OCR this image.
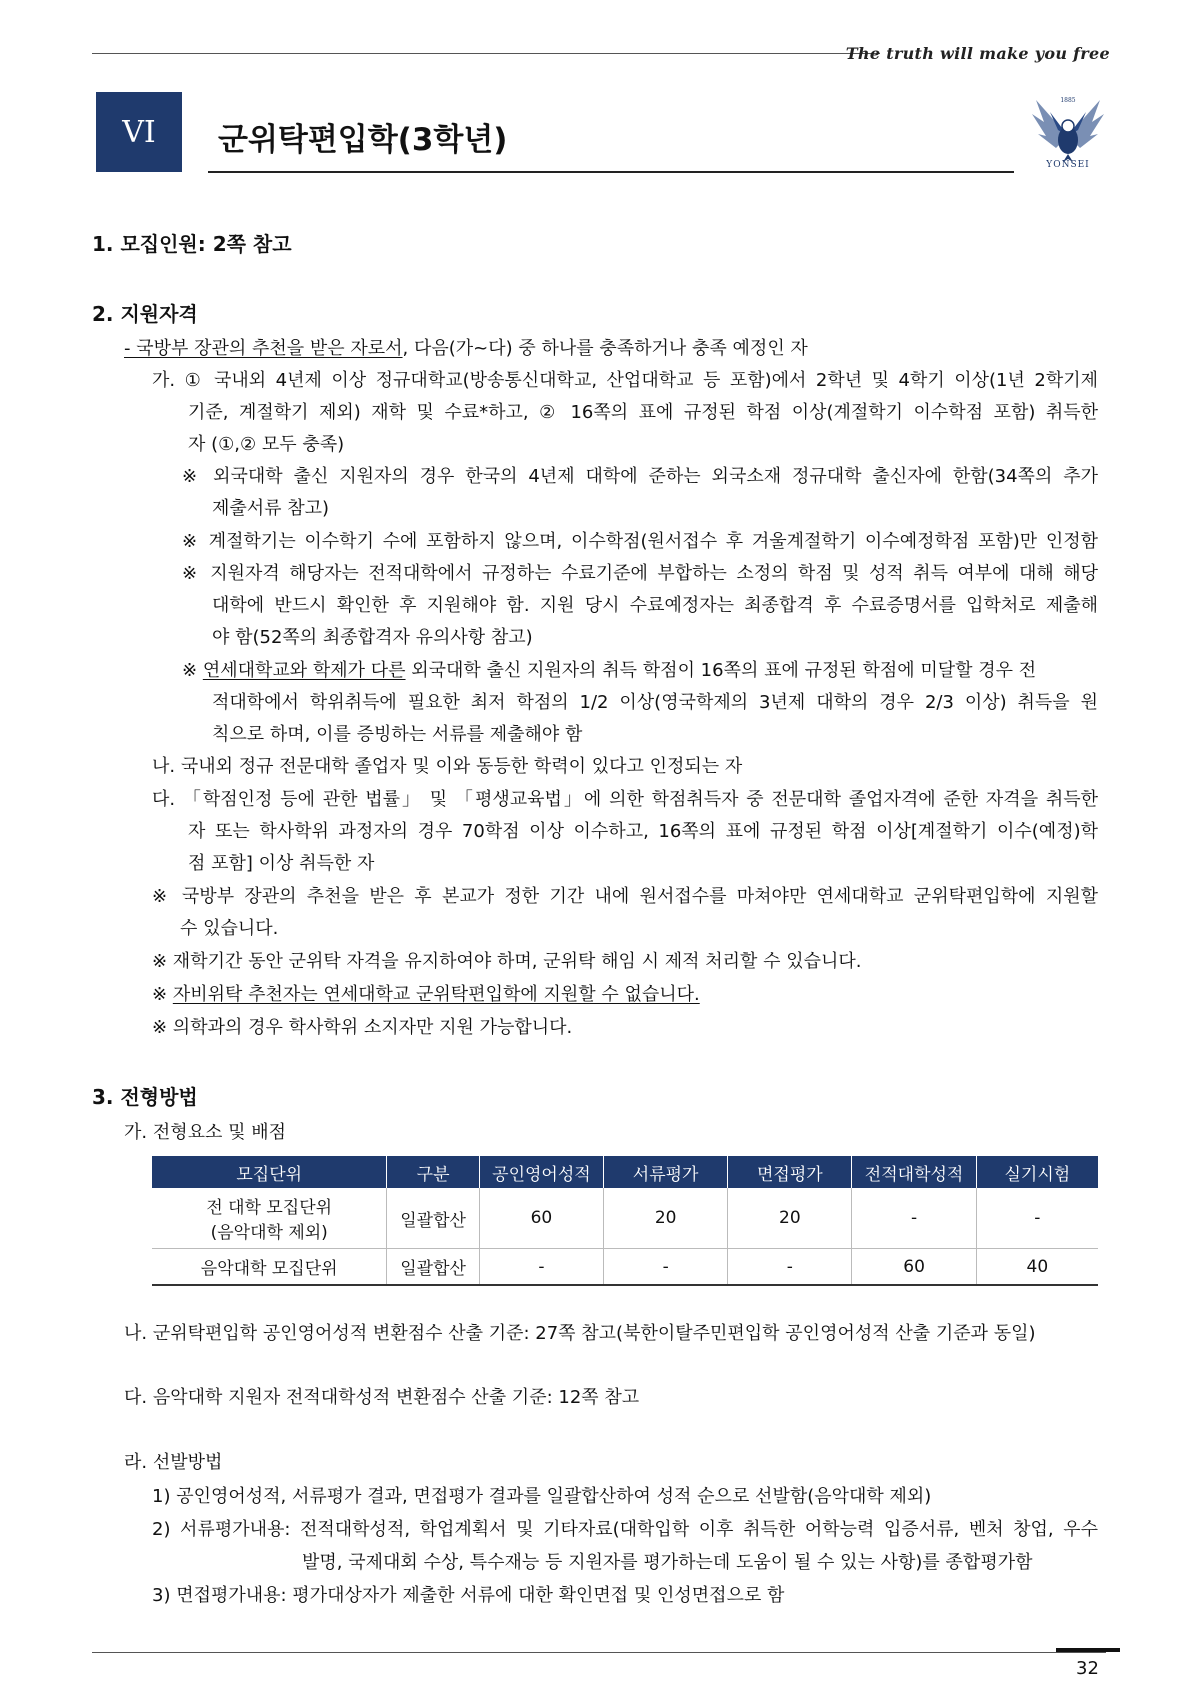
The truth will make you free
VI 군위탁편입학(3학년)
1885
YONSEI
1. 모집인원: 2쪽 참고
2. 지원자격
- 국방부 장관의 추천을 받은 자로서, 다음(가~다) 중 하나를 충족하거나 충족 예정인 자
가. ① 국내외 4년제 이상 정규대학교(방송통신대학교, 산업대학교 등 포함)에서 2학년 및 4학기 이상(1년 2학기제
기준, 계절학기 제외) 재학 및 수료*하고, ② 16쪽의 표에 규정된 학점 이상(계절학기 이수학점 포함) 취득한
자 (①,② 모두 충족)
※ 외국대학 출신 지원자의 경우 한국의 4년제 대학에 준하는 외국소재 정규대학 출신자에 한함(34쪽의 추가
제출서류 참고)
※ 계절학기는 이수학기 수에 포함하지 않으며, 이수학점(원서접수 후 겨울계절학기 이수예정학점 포함)만 인정함
※ 지원자격 해당자는 전적대학에서 규정하는 수료기준에 부합하는 소정의 학점 및 성적 취득 여부에 대해 해당
대학에 반드시 확인한 후 지원해야 함. 지원 당시 수료예정자는 최종합격 후 수료증명서를 입학처로 제출해
야 함(52쪽의 최종합격자 유의사항 참고)
※ 연세대학교와 학제가 다른 외국대학 출신 지원자의 취득 학점이 16쪽의 표에 규정된 학점에 미달할 경우 전
적대학에서 학위취득에 필요한 최저 학점의 1/2 이상(영국학제의 3년제 대학의 경우 2/3 이상) 취득을 원
칙으로 하며, 이를 증빙하는 서류를 제출해야 함
나. 국내외 정규 전문대학 졸업자 및 이와 동등한 학력이 있다고 인정되는 자
다. 「학점인정 등에 관한 법률」 및 「평생교육법」에 의한 학점취득자 중 전문대학 졸업자격에 준한 자격을 취득한
자 또는 학사학위 과정자의 경우 70학점 이상 이수하고, 16쪽의 표에 규정된 학점 이상[계절학기 이수(예정)학
점 포함] 이상 취득한 자
※ 국방부 장관의 추천을 받은 후 본교가 정한 기간 내에 원서접수를 마쳐야만 연세대학교 군위탁편입학에 지원할
수 있습니다.
※ 재학기간 동안 군위탁 자격을 유지하여야 하며, 군위탁 해임 시 제적 처리할 수 있습니다.
※ 자비위탁 추천자는 연세대학교 군위탁편입학에 지원할 수 없습니다.
※ 의학과의 경우 학사학위 소지자만 지원 가능합니다.
3. 전형방법
가. 전형요소 및 배점
모집단위	구분	공인영어성적	서류평가	면접평가	전적대학성적	실기시험

전 대학 모집단위
(음악대학 제외)	일괄합산	60	20	20	-	-
음악대학 모집단위	일괄합산	-	-	-	60	40
나. 군위탁편입학 공인영어성적 변환점수 산출 기준: 27쪽 참고(북한이탈주민편입학 공인영어성적 산출 기준과 동일)
다. 음악대학 지원자 전적대학성적 변환점수 산출 기준: 12쪽 참고
라. 선발방법
1) 공인영어성적, 서류평가 결과, 면접평가 결과를 일괄합산하여 성적 순으로 선발함(음악대학 제외)
2) 서류평가내용: 전적대학성적, 학업계획서 및 기타자료(대학입학 이후 취득한 어학능력 입증서류, 벤처 창업, 우수
발명, 국제대회 수상, 특수재능 등 지원자를 평가하는데 도움이 될 수 있는 사항)를 종합평가함
3) 면접평가내용: 평가대상자가 제출한 서류에 대한 확인면접 및 인성면접으로 함
32
